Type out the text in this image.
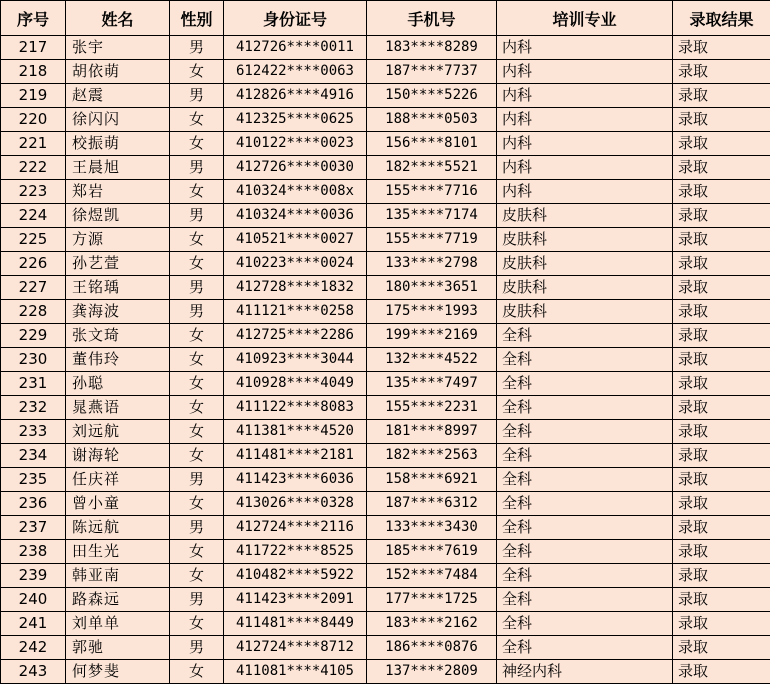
序号	姓名	性别	身份证号	手机号	培训专业	录取结果
217	张宇	男	412726****0011	183****8289	内科	录取
218	胡依萌	女	612422****0063	187****7737	内科	录取
219	赵震	男	412826****4916	150****5226	内科	录取
220	徐闪闪	女	412325****0625	188****0503	内科	录取
221	校振萌	女	410122****0023	156****8101	内科	录取
222	王晨旭	男	412726****0030	182****5521	内科	录取
223	郑岩	女	410324****008x	155****7716	内科	录取
224	徐煜凯	男	410324****0036	135****7174	皮肤科	录取
225	方源	女	410521****0027	155****7719	皮肤科	录取
226	孙艺萱	女	410223****0024	133****2798	皮肤科	录取
227	王铭瑀	男	412728****1832	180****3651	皮肤科	录取
228	龚海波	男	411121****0258	175****1993	皮肤科	录取
229	张文琦	女	412725****2286	199****2169	全科	录取
230	董伟玲	女	410923****3044	132****4522	全科	录取
231	孙聪	女	410928****4049	135****7497	全科	录取
232	晁燕语	女	411122****8083	155****2231	全科	录取
233	刘远航	女	411381****4520	181****8997	全科	录取
234	谢海轮	女	411481****2181	182****2563	全科	录取
235	任庆祥	男	411423****6036	158****6921	全科	录取
236	曾小童	女	413026****0328	187****6312	全科	录取
237	陈远航	男	412724****2116	133****3430	全科	录取
238	田生光	女	411722****8525	185****7619	全科	录取
239	韩亚南	女	410482****5922	152****7484	全科	录取
240	路森远	男	411423****2091	177****1725	全科	录取
241	刘单单	女	411481****8449	183****2162	全科	录取
242	郭驰	男	412724****8712	186****0876	全科	录取
243	何梦斐	女	411081****4105	137****2809	神经内科	录取
